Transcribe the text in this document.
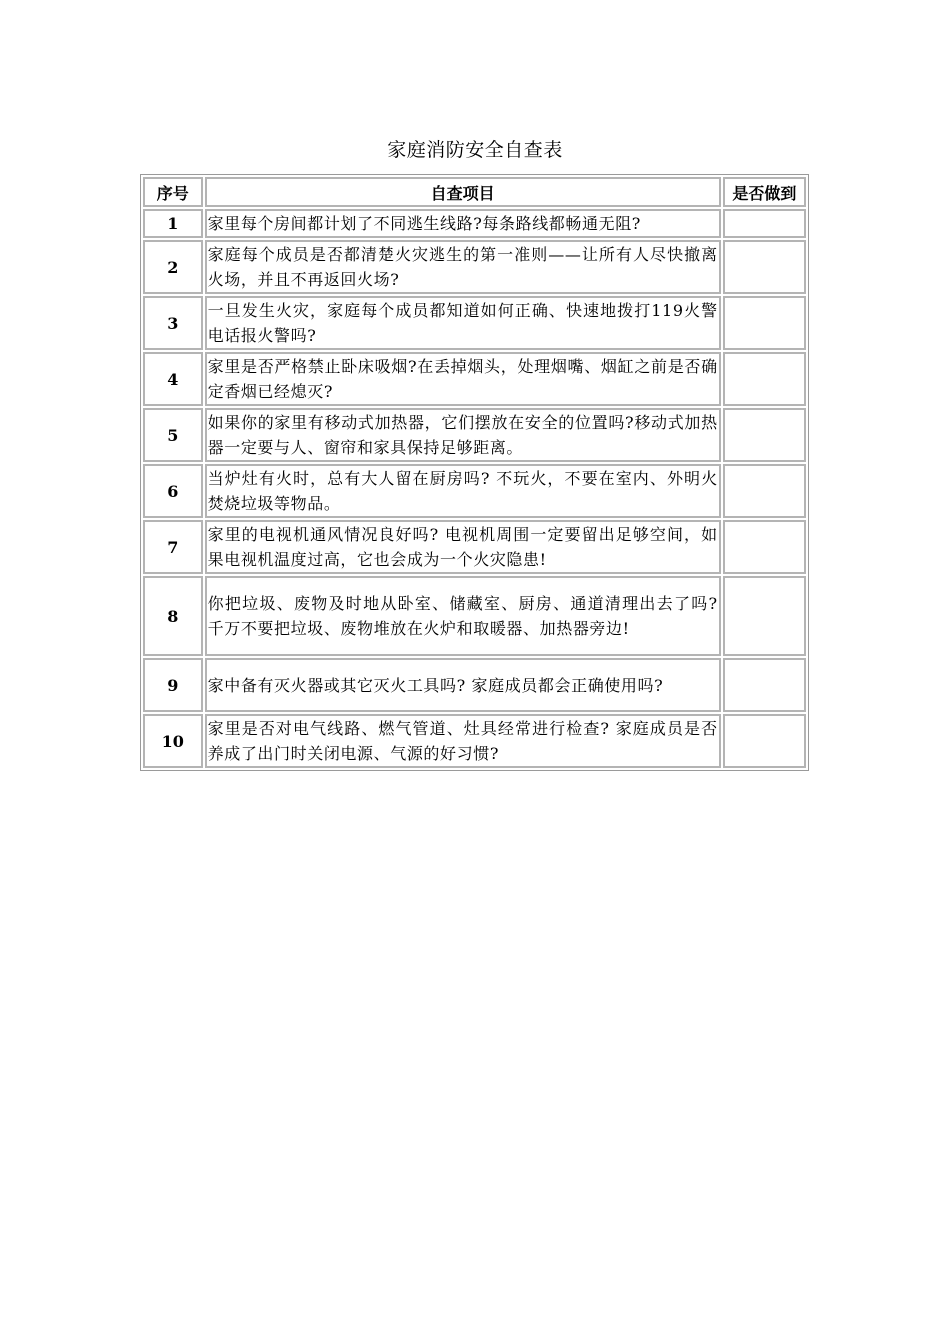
家庭消防安全自查表
序号	自查项目	是否做到
1	家里每个房间都计划了不同逃生线路?每条路线都畅通无阻?	
2	家庭每个成员是否都清楚火灾逃生的第一准则——让所有人尽快撤离火场，并且不再返回火场?	
3	一旦发生火灾，家庭每个成员都知道如何正确、快速地拨打119火警电话报火警吗?	
4	家里是否严格禁止卧床吸烟?在丢掉烟头，处理烟嘴、烟缸之前是否确定香烟已经熄灭?	
5	如果你的家里有移动式加热器，它们摆放在安全的位置吗?移动式加热器一定要与人、窗帘和家具保持足够距离。	
6	当炉灶有火时，总有大人留在厨房吗? 不玩火，不要在室内、外明火焚烧垃圾等物品。	
7	家里的电视机通风情况良好吗? 电视机周围一定要留出足够空间，如果电视机温度过高，它也会成为一个火灾隐患!	
8	你把垃圾、废物及时地从卧室、储藏室、厨房、通道清理出去了吗? 千万不要把垃圾、废物堆放在火炉和取暖器、加热器旁边!	
9	家中备有灭火器或其它灭火工具吗? 家庭成员都会正确使用吗?	
10	家里是否对电气线路、燃气管道、灶具经常进行检查? 家庭成员是否养成了出门时关闭电源、气源的好习惯?	
